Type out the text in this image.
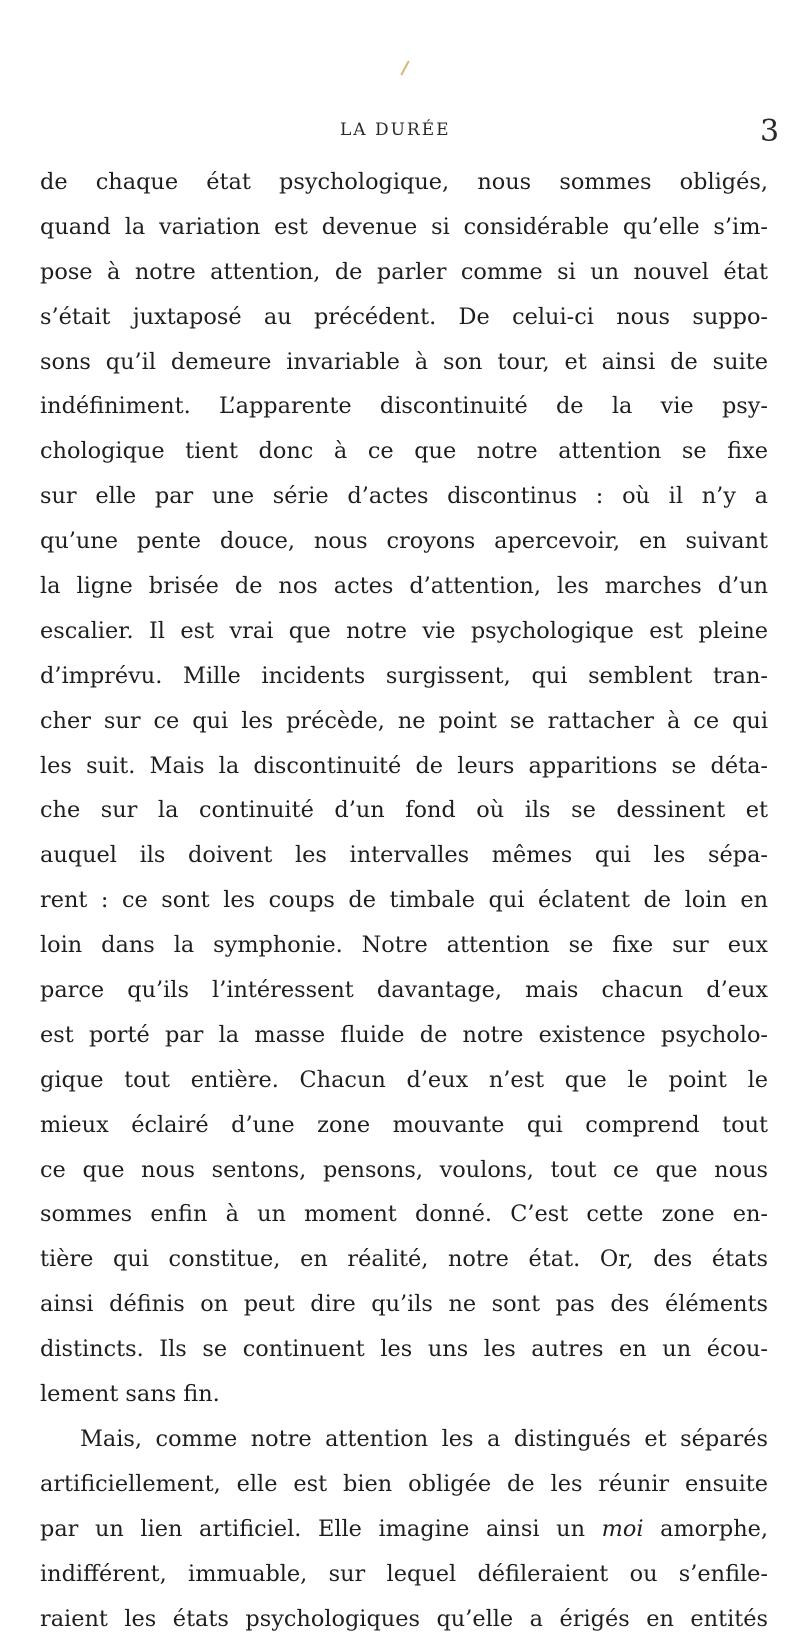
LA DURÉE	3
de chaque état psychologique, nous sommes obligés,
quand la variation est devenue si considérable qu’elle s’im-
pose à notre attention, de parler comme si un nouvel état
s’était juxtaposé au précédent. De celui-ci nous suppo-
sons qu’il demeure invariable à son tour, et ainsi de suite
indéfiniment. L’apparente discontinuité de la vie psy-
chologique tient donc à ce que notre attention se fixe
sur elle par une série d’actes discontinus : où il n’y a
qu’une pente douce, nous croyons apercevoir, en suivant
la ligne brisée de nos actes d’attention, les marches d’un
escalier. Il est vrai que notre vie psychologique est pleine
d’imprévu. Mille incidents surgissent, qui semblent tran-
cher sur ce qui les précède, ne point se rattacher à ce qui
les suit. Mais la discontinuité de leurs apparitions se déta-
che sur la continuité d’un fond où ils se dessinent et
auquel ils doivent les intervalles mêmes qui les sépa-
rent : ce sont les coups de timbale qui éclatent de loin en
loin dans la symphonie. Notre attention se fixe sur eux
parce qu’ils l’intéressent davantage, mais chacun d’eux
est porté par la masse fluide de notre existence psycholo-
gique tout entière. Chacun d’eux n’est que le point le
mieux éclairé d’une zone mouvante qui comprend tout
ce que nous sentons, pensons, voulons, tout ce que nous
sommes enfin à un moment donné. C’est cette zone en-
tière qui constitue, en réalité, notre état. Or, des états
ainsi définis on peut dire qu’ils ne sont pas des éléments
distincts. Ils se continuent les uns les autres en un écou-
lement sans fin.
Mais, comme notre attention les a distingués et séparés
artificiellement, elle est bien obligée de les réunir ensuite
par un lien artificiel. Elle imagine ainsi un moi amorphe,
indifférent, immuable, sur lequel défileraient ou s’enfile-
raient les états psychologiques qu’elle a érigés en entités
